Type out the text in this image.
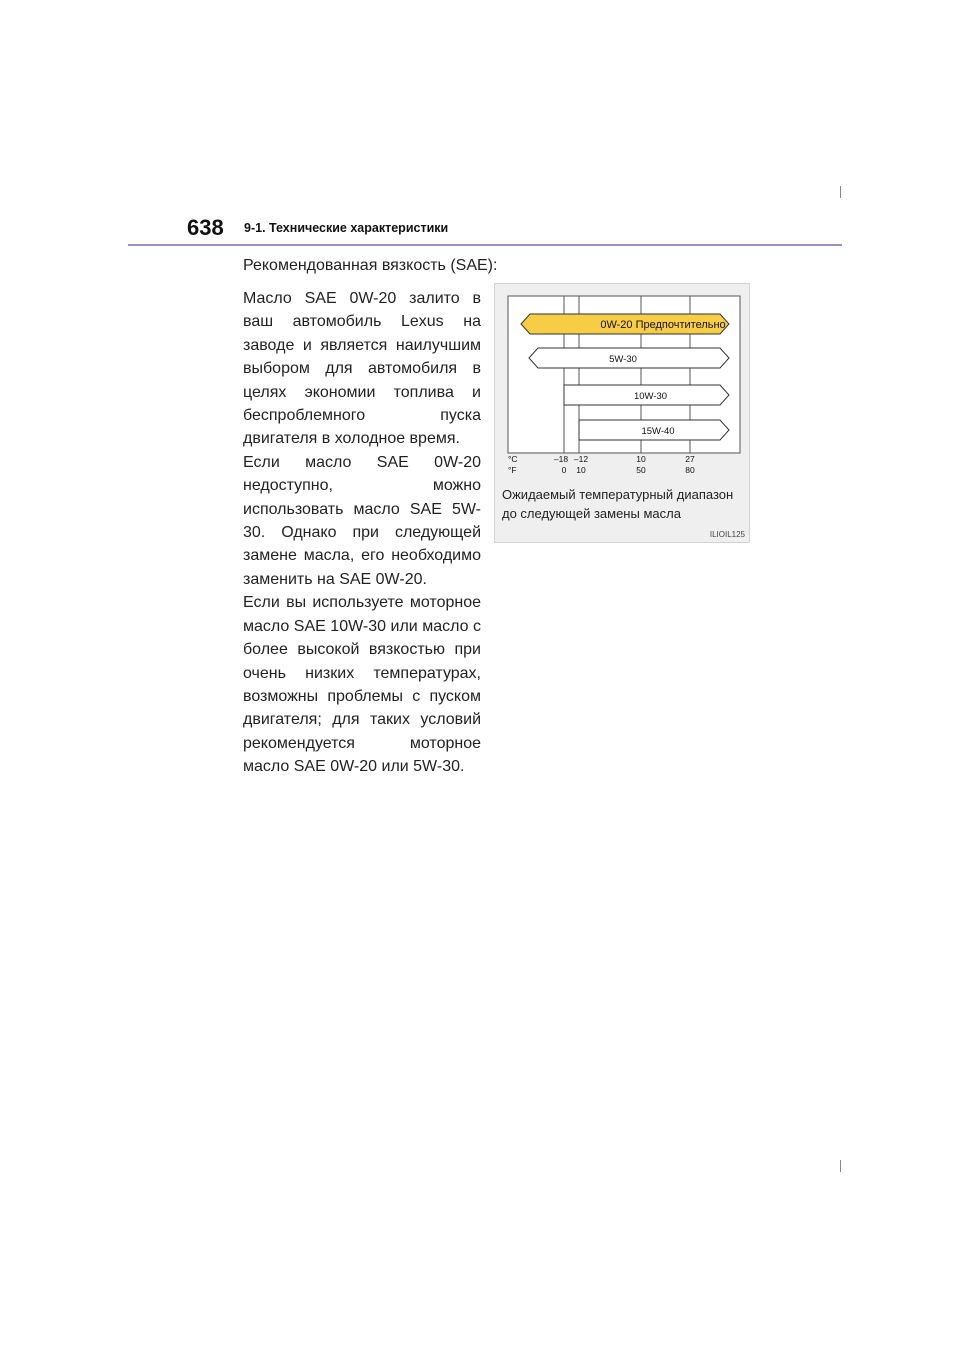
638 9-1. Технические характеристики
Рекомендованная вязкость (SAE):

Масло SAE 0W-20 залито в ваш автомобиль Lexus на заводе и является наилучшим выбором для автомобиля в целях экономии топлива и беспроблемного пуска двигателя в холодное время.

Если масло SAE 0W-20 недоступно, можно использовать масло SAE 5W-30. Однако при следующей замене масла, его необходимо заменить на SAE 0W-20.

Если вы используете моторное масло SAE 10W-30 или масло с более высокой вязкостью при очень низких температурах, возможны проблемы с пуском двигателя; для таких условий рекомендуется моторное масло SAE 0W-20 или 5W-30.

0W-20 Предпочтительно
5W-30
10W-30
15W-40
°C
°F
–18 –12	10	27
0 10	50	80
Ожидаемый температурный диапазон до следующей замены масла
ILIOIL125
